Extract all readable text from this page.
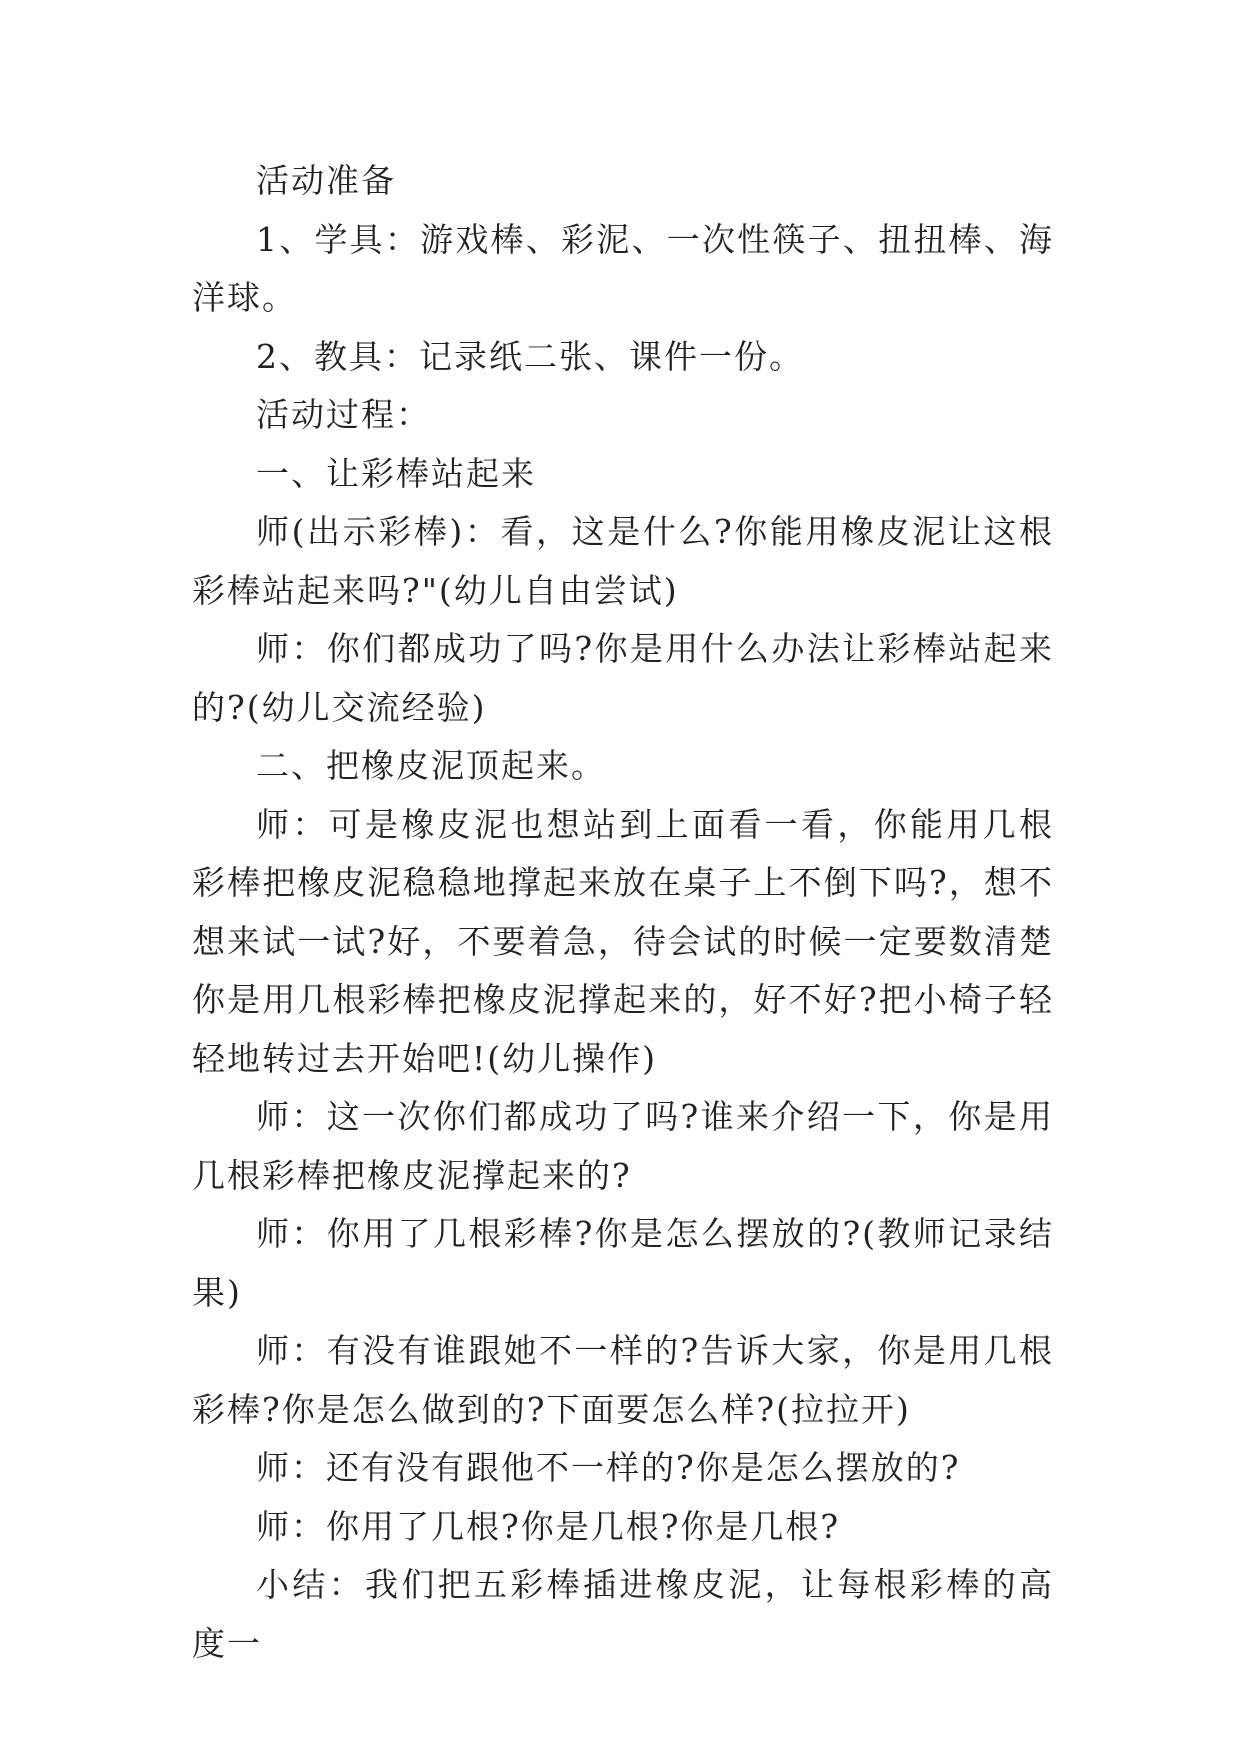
活动准备

1、学具：游戏棒、彩泥、一次性筷子、扭扭棒、海洋球。

2、教具：记录纸二张、课件一份。

活动过程：

一、让彩棒站起来

师(出示彩棒)：看，这是什么?你能用橡皮泥让这根彩棒站起来吗?"(幼儿自由尝试)

师：你们都成功了吗?你是用什么办法让彩棒站起来的?(幼儿交流经验)

二、把橡皮泥顶起来。

师：可是橡皮泥也想站到上面看一看，你能用几根彩棒把橡皮泥稳稳地撑起来放在桌子上不倒下吗?，想不想来试一试?好，不要着急，待会试的时候一定要数清楚你是用几根彩棒把橡皮泥撑起来的，好不好?把小椅子轻轻地转过去开始吧!(幼儿操作)

师：这一次你们都成功了吗?谁来介绍一下，你是用几根彩棒把橡皮泥撑起来的?

师：你用了几根彩棒?你是怎么摆放的?(教师记录结果)

师：有没有谁跟她不一样的?告诉大家，你是用几根彩棒?你是怎么做到的?下面要怎么样?(拉拉开)

师：还有没有跟他不一样的?你是怎么摆放的?

师：你用了几根?你是几根?你是几根?

小结：我们把五彩棒插进橡皮泥，让每根彩棒的高度一
